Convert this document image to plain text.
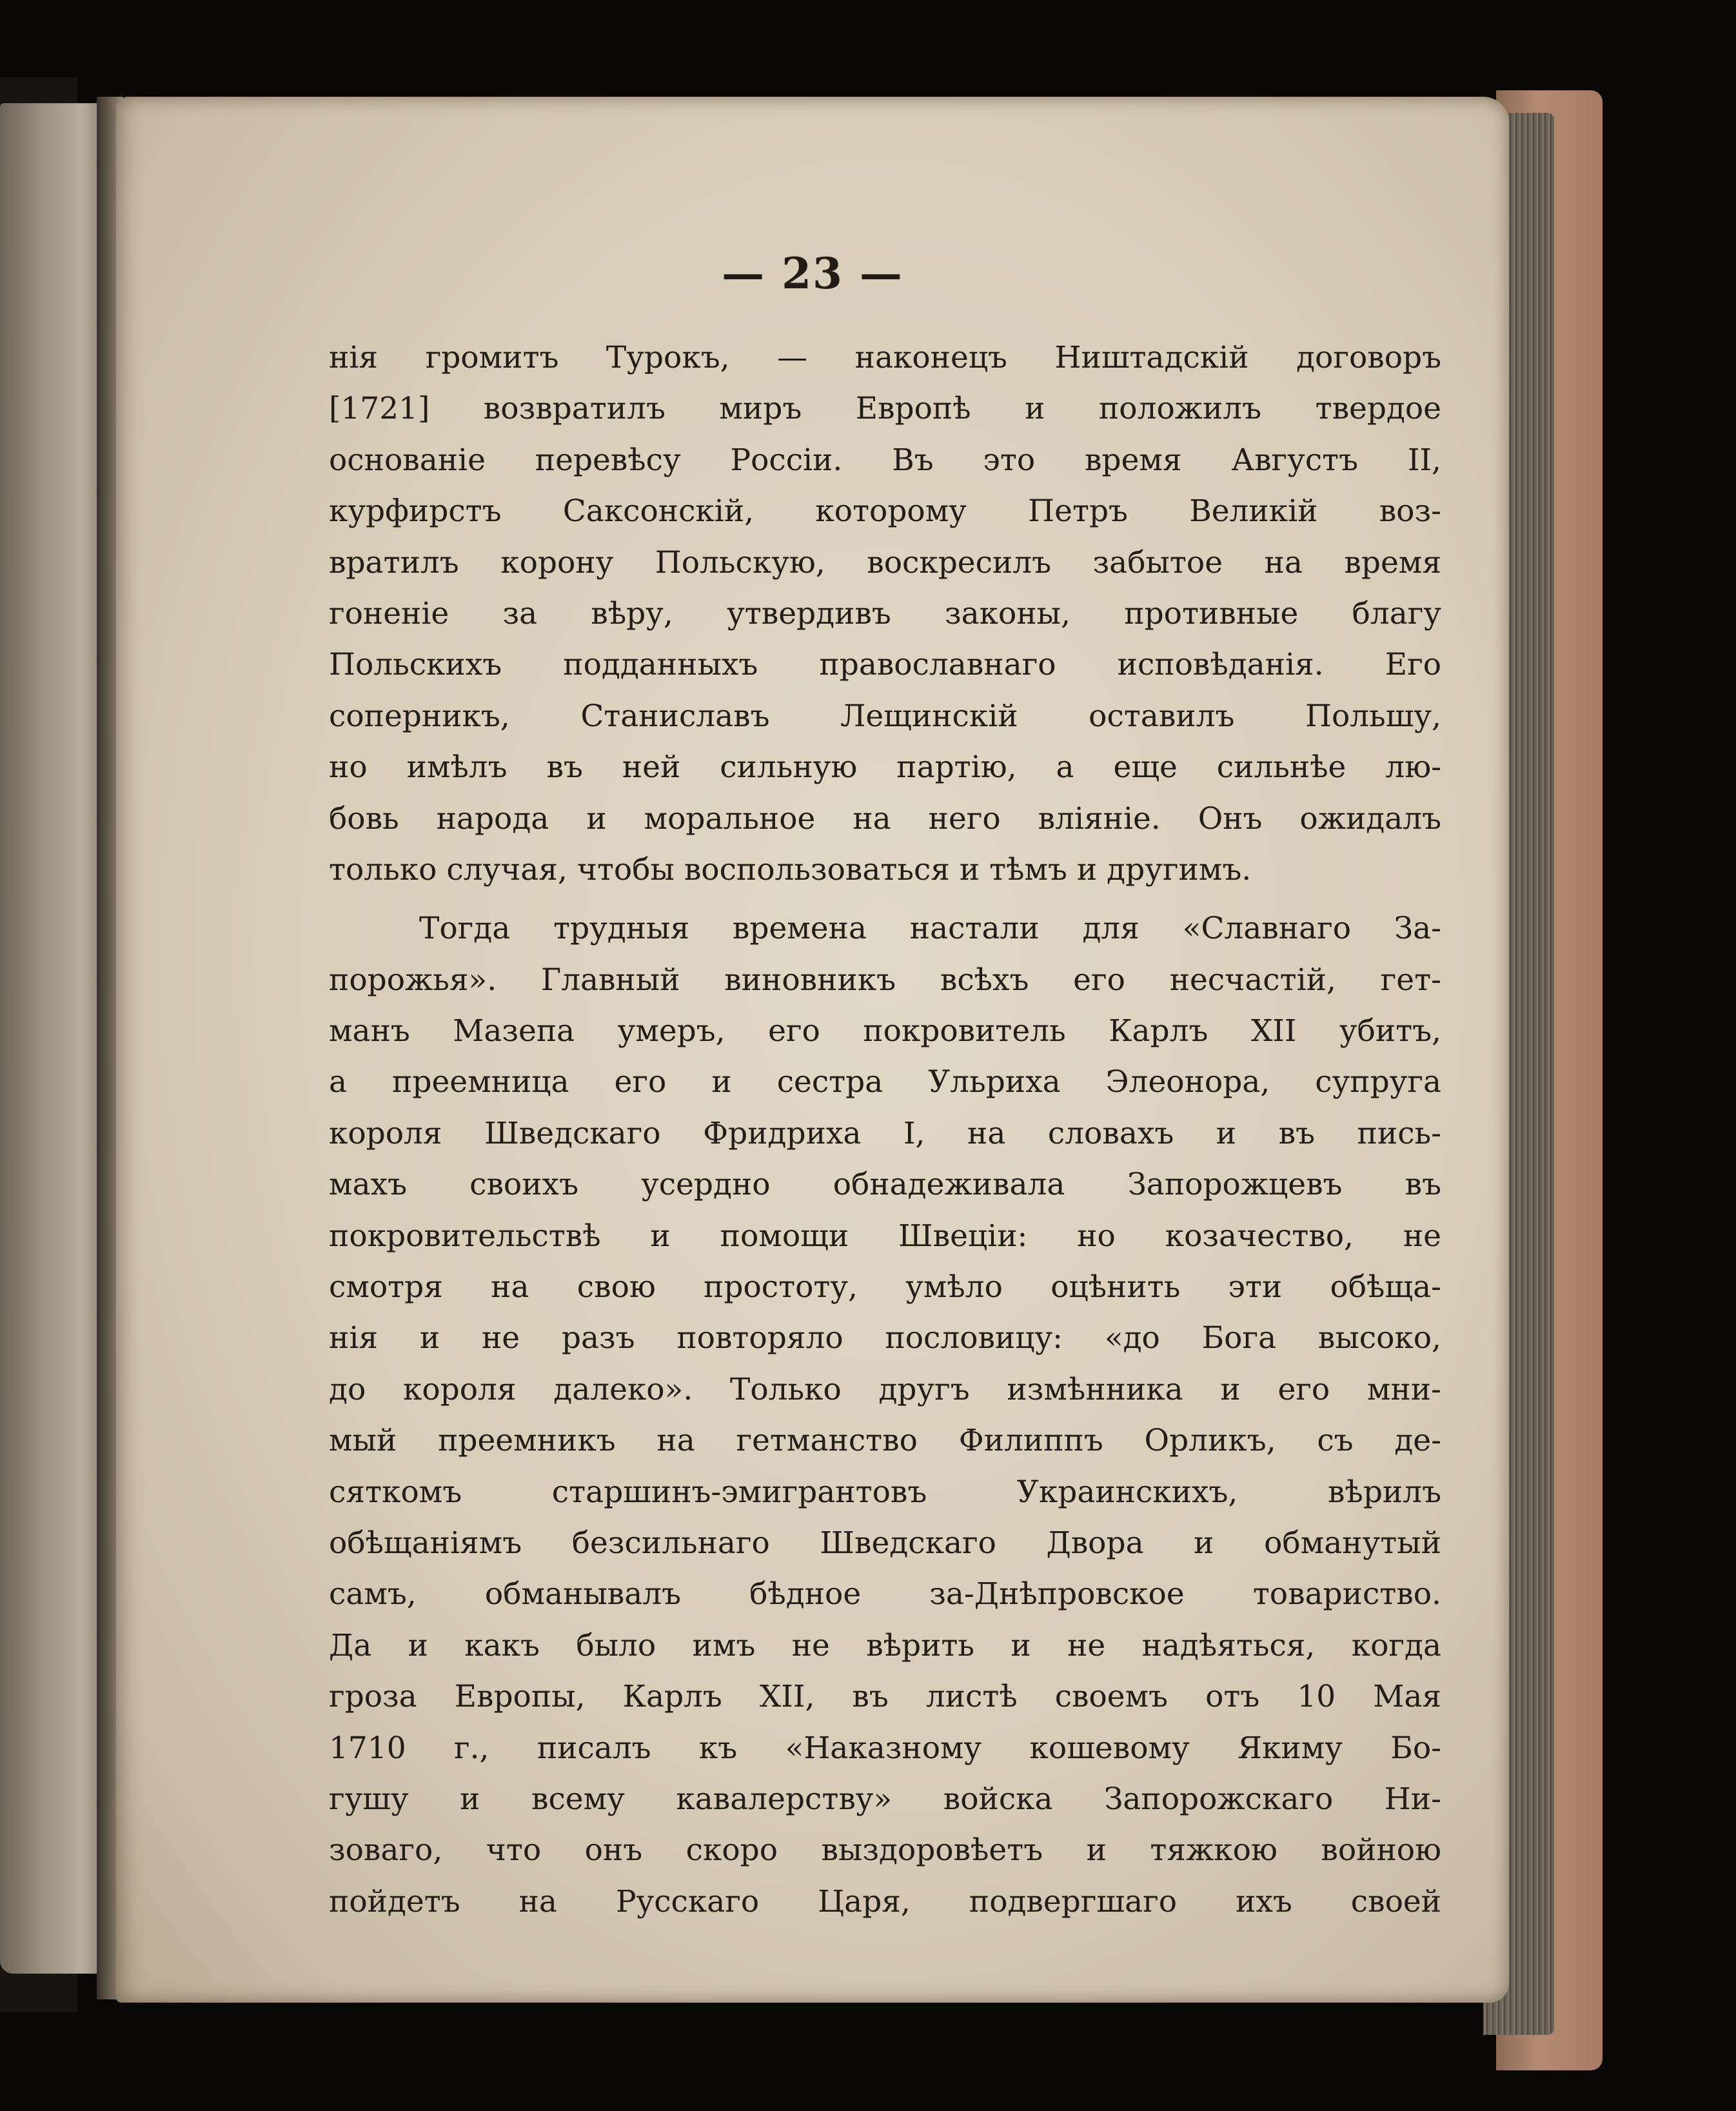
— 23 —
нія громитъ Турокъ, — наконецъ Ништадскій договоръ
[1721] возвратилъ миръ Европѣ и положилъ твердое
основаніе перевѣсу Россіи. Въ это время Августъ II,
курфирстъ Саксонскій, которому Петръ Великій воз-
вратилъ корону Польскую, воскресилъ забытое на время
гоненіе за вѣру, утвердивъ законы, противные благу
Польскихъ подданныхъ православнаго исповѣданія. Его
соперникъ, Станиславъ Лещинскій оставилъ Польшу,
но имѣлъ въ ней сильную партію, а еще сильнѣе лю-
бовь народа и моральное на него вліяніе. Онъ ожидалъ
только случая, чтобы воспользоваться и тѣмъ и другимъ.
Тогда трудныя времена настали для «Славнаго За-
порожья». Главный виновникъ всѣхъ его несчастій, гет-
манъ Мазепа умеръ, его покровитель Карлъ XII убитъ,
а преемница его и сестра Ульриха Элеонора, супруга
короля Шведскаго Фридриха I, на словахъ и въ пись-
махъ своихъ усердно обнадеживала Запорожцевъ въ
покровительствѣ и помощи Швеціи: но козачество, не
смотря на свою простоту, умѣло оцѣнить эти обѣща-
нія и не разъ повторяло пословицу: «до Бога высоко,
до короля далеко». Только другъ измѣнника и его мни-
мый преемникъ на гетманство Филиппъ Орликъ, съ де-
сяткомъ старшинъ-эмигрантовъ Украинскихъ, вѣрилъ
обѣщаніямъ безсильнаго Шведскаго Двора и обманутый
самъ, обманывалъ бѣдное за-Днѣпровское товариство.
Да и какъ было имъ не вѣрить и не надѣяться, когда
гроза Европы, Карлъ XII, въ листѣ своемъ отъ 10 Мая
1710 г., писалъ къ «Наказному кошевому Якиму Бо-
гушу и всему кавалерству» войска Запорожскаго Ни-
зоваго, что онъ скоро выздоровѣетъ и тяжкою войною
пойдетъ на Русскаго Царя, подвергшаго ихъ своей
